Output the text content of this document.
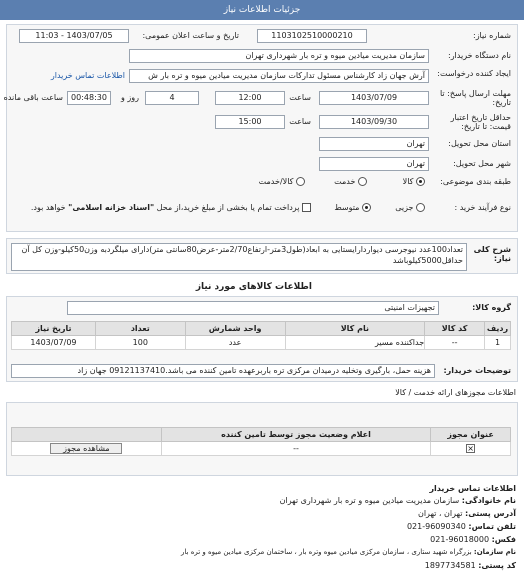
جزئیات اطلاعات نیاز
شماره نیاز:
1103102510000210
تاریخ و ساعت اعلان عمومی:
1403/07/05 - 11:03
نام دستگاه خریدار:
سازمان مدیریت میادین میوه و تره بار شهرداری تهران
ایجاد کننده درخواست:
آرش جهان زاد کارشناس مسئول تدارکات سازمان مدیریت میادین میوه و تره بار ش
اطلاعات تماس خریدار
مهلت ارسال پاسخ: تا تاریخ:
1403/07/09
ساعت
12:00
4
روز و
00:48:30
ساعت باقی مانده
حداقل تاریخ اعتبار قیمت: تا تاریخ:
1403/09/30
ساعت
15:00
استان محل تحویل:
تهران
شهر محل تحویل:
تهران
طبقه بندی موضوعی:
کالا
خدمت
کالا/خدمت
نوع فرآیند خرید :
جزیی
متوسط
پرداخت تمام یا بخشی از مبلغ خرید،از محل "اسناد خزانه اسلامی" خواهد بود.
شرح کلی نیاز:
تعداد100عدد نیوجرسی دیواردارایستایی به ابعاد(طول3متر-ارتفاع2/70متر-عرض80سانتی متر)دارای میلگردبه وزن50کیلو-وزن کل آن حداقل5000کیلوباشد
اطلاعات کالاهای مورد نیاز
گروه کالا:
تجهیزات امنیتی
ردیف	کد کالا	نام کالا	واحد شمارش	تعداد	تاریخ نیاز
1	--	جداکننده مسیر	عدد	100	1403/07/09
توضیحات خریدار:
هزینه حمل، بارگیری وتخلیه درمیدان مرکزی تره باربرعهده تامین کننده می باشد.09121137410 جهان زاد
اطلاعات مجوزهای ارائه خدمت / کالا
عنوان مجوز	اعلام وضعیت مجوز توسط تامین کننده	
×	--	مشاهده مجوز
اطلاعات تماس خریدار
نام خانوادگی: سازمان مدیریت میادین میوه و تره بار شهرداری تهران
آدرس پستی: تهران ، تهران
تلفن تماس: 96090340-021
فکس: 96018000-021
نام سازمان: بزرگراه شهید ستاری ، سازمان مرکزی میادین میوه وتره بار ، ساختمان مرکزی میادین میوه و تره بار
کد پستی: 1897734581
